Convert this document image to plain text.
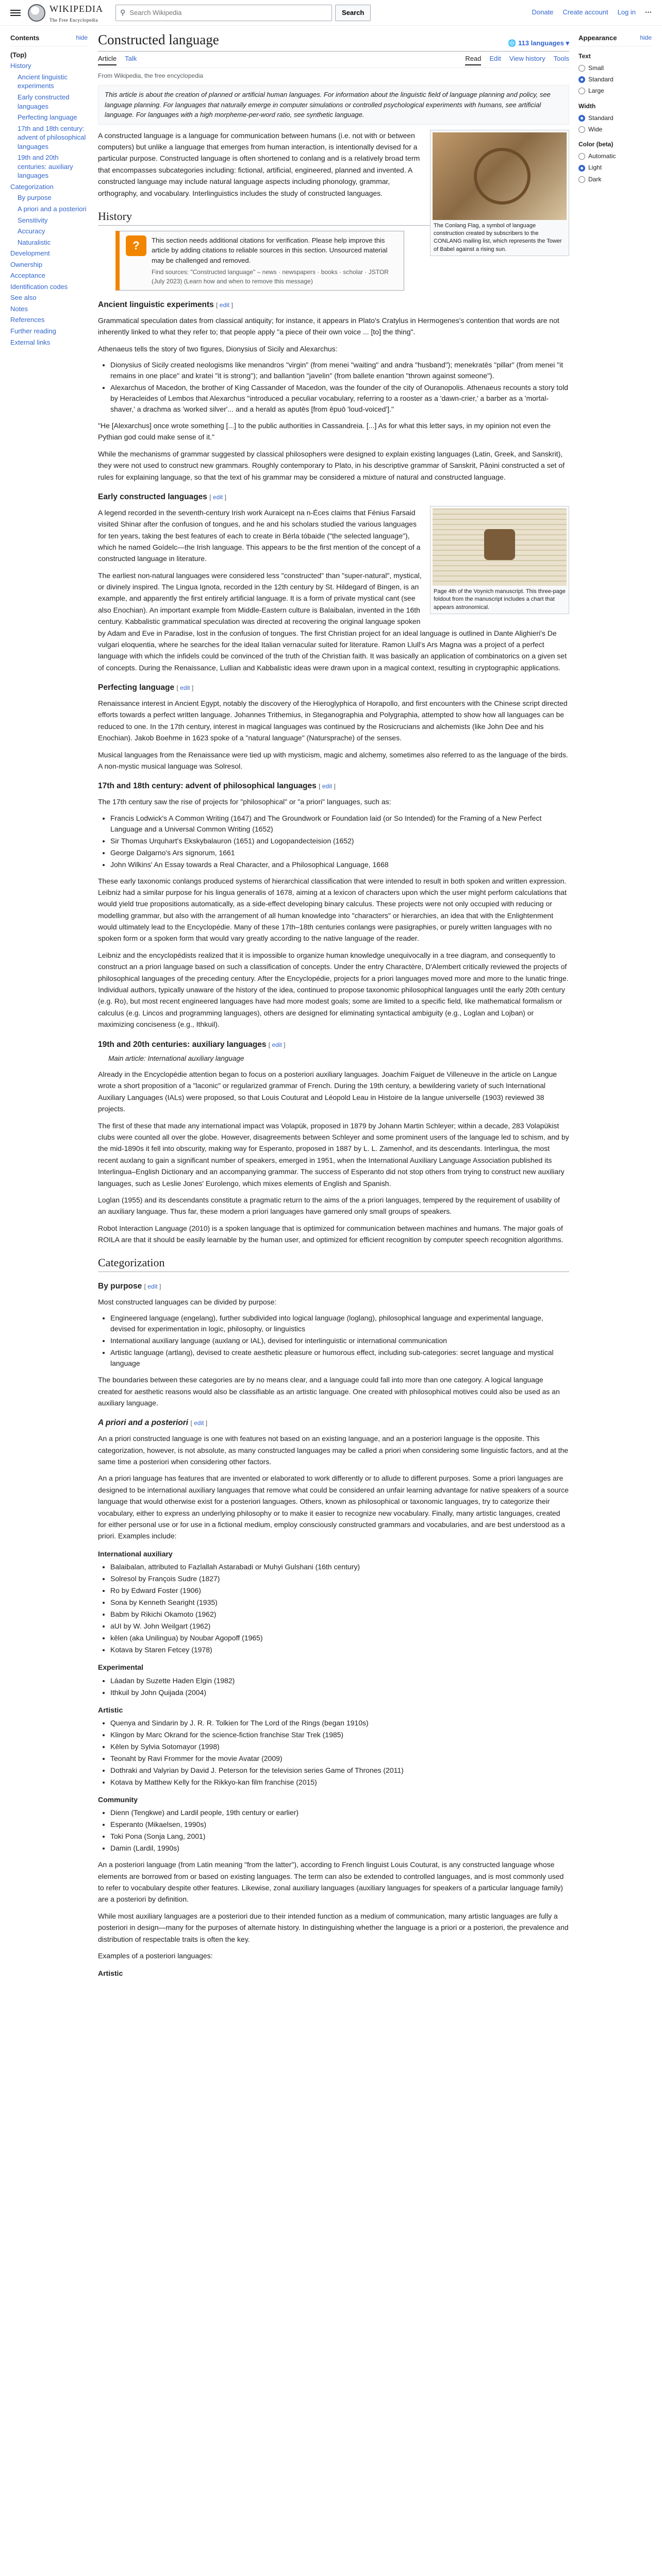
WIKIPEDIA
The Free Encyclopedia
⚲
Search Wikipedia	Search	Donate Create account Log in ⋯
Contents	hide
(Top)
History
Ancient linguistic experiments
Early constructed languages
Perfecting language
17th and 18th century: advent of philosophical languages
19th and 20th centuries: auxiliary languages
Categorization
By purpose
A priori and a posteriori
Sensitivity
Accuracy
Naturalistic
Development
Ownership
Acceptance
Identification codes
See also
Notes
References
Further reading
External links
Constructed language	🌐 113 languages ▾
Article Talk	Read Edit View history Tools
From Wikipedia, the free encyclopedia
This article is about the creation of planned or artificial human languages. For information about the linguistic field of language planning and policy, see language planning. For languages that naturally emerge in computer simulations or controlled psychological experiments with humans, see artificial language. For languages with a high morpheme-per-word ratio, see synthetic language.
The Conlang Flag, a symbol of language construction created by subscribers to the CONLANG mailing list, which represents the Tower of Babel against a rising sun.

A constructed language is a language for communication between humans (i.e. not with or between computers) but unlike a language that emerges from human interaction, is intentionally devised for a particular purpose. Constructed language is often shortened to conlang and is a relatively broad term that encompasses subcategories including: fictional, artificial, engineered, planned and invented. A constructed language may include natural language aspects including phonology, grammar, orthography, and vocabulary. Interlinguistics includes the study of constructed languages.

History
?	This section needs additional citations for verification. Please help improve this article by adding citations to reliable sources in this section. Unsourced material may be challenged and removed.
Find sources: "Constructed language" – news · newspapers · books · scholar · JSTOR (July 2023) (Learn how and when to remove this message)
Ancient linguistic experiments [ edit ]

Grammatical speculation dates from classical antiquity; for instance, it appears in Plato's Cratylus in Hermogenes's contention that words are not inherently linked to what they refer to; that people apply "a piece of their own voice ... [to] the thing".

Athenaeus tells the story of two figures, Dionysius of Sicily and Alexarchus:

• Dionysius of Sicily created neologisms like menandros "virgin" (from menei "waiting" and andra "husband"); menekratēs "pillar" (from menei "it remains in one place" and kratei "it is strong"); and ballantion "javelin" (from ballete enantion "thrown against someone").
• Alexarchus of Macedon, the brother of King Cassander of Macedon, was the founder of the city of Ouranopolis. Athenaeus recounts a story told by Heracleides of Lembos that Alexarchus "introduced a peculiar vocabulary, referring to a rooster as a 'dawn-crier,' a barber as a 'mortal-shaver,' a drachma as 'worked silver'... and a herald as aputēs [from ēpuō 'loud-voiced']."

"He [Alexarchus] once wrote something [...] to the public authorities in Cassandreia. [...] As for what this letter says, in my opinion not even the Pythian god could make sense of it."

While the mechanisms of grammar suggested by classical philosophers were designed to explain existing languages (Latin, Greek, and Sanskrit), they were not used to construct new grammars. Roughly contemporary to Plato, in his descriptive grammar of Sanskrit, Pāṇini constructed a set of rules for explaining language, so that the text of his grammar may be considered a mixture of natural and constructed language.

Early constructed languages [ edit ]
Page 4th of the Voynich manuscript. This three-page foldout from the manuscript includes a chart that appears astronomical.

A legend recorded in the seventh-century Irish work Auraicept na n-Éces claims that Fénius Farsaid visited Shinar after the confusion of tongues, and he and his scholars studied the various languages for ten years, taking the best features of each to create in Bérla tóbaide ("the selected language"), which he named Goídelc—the Irish language. This appears to be the first mention of the concept of a constructed language in literature.

The earliest non-natural languages were considered less "constructed" than "super-natural", mystical, or divinely inspired. The Lingua Ignota, recorded in the 12th century by St. Hildegard of Bingen, is an example, and apparently the first entirely artificial language. It is a form of private mystical cant (see also Enochian). An important example from Middle-Eastern culture is Balaibalan, invented in the 16th century. Kabbalistic grammatical speculation was directed at recovering the original language spoken by Adam and Eve in Paradise, lost in the confusion of tongues. The first Christian project for an ideal language is outlined in Dante Alighieri's De vulgari eloquentia, where he searches for the ideal Italian vernacular suited for literature. Ramon Llull's Ars Magna was a project of a perfect language with which the infidels could be convinced of the truth of the Christian faith. It was basically an application of combinatorics on a given set of concepts. During the Renaissance, Lullian and Kabbalistic ideas were drawn upon in a magical context, resulting in cryptographic applications.

Perfecting language [ edit ]

Renaissance interest in Ancient Egypt, notably the discovery of the Hieroglyphica of Horapollo, and first encounters with the Chinese script directed efforts towards a perfect written language. Johannes Trithemius, in Steganographia and Polygraphia, attempted to show how all languages can be reduced to one. In the 17th century, interest in magical languages was continued by the Rosicrucians and alchemists (like John Dee and his Enochian). Jakob Boehme in 1623 spoke of a "natural language" (Natursprache) of the senses.

Musical languages from the Renaissance were tied up with mysticism, magic and alchemy, sometimes also referred to as the language of the birds. A non-mystic musical language was Solresol.

17th and 18th century: advent of philosophical languages [ edit ]

The 17th century saw the rise of projects for "philosophical" or "a priori" languages, such as:

• Francis Lodwick's A Common Writing (1647) and The Groundwork or Foundation laid (or So Intended) for the Framing of a New Perfect Language and a Universal Common Writing (1652)
• Sir Thomas Urquhart's Ekskybalauron (1651) and Logopandecteision (1652)
• George Dalgarno's Ars signorum, 1661
• John Wilkins' An Essay towards a Real Character, and a Philosophical Language, 1668

These early taxonomic conlangs produced systems of hierarchical classification that were intended to result in both spoken and written expression. Leibniz had a similar purpose for his lingua generalis of 1678, aiming at a lexicon of characters upon which the user might perform calculations that would yield true propositions automatically, as a side-effect developing binary calculus. These projects were not only occupied with reducing or modelling grammar, but also with the arrangement of all human knowledge into "characters" or hierarchies, an idea that with the Enlightenment would ultimately lead to the Encyclopédie. Many of these 17th–18th centuries conlangs were pasigraphies, or purely written languages with no spoken form or a spoken form that would vary greatly according to the native language of the reader.

Leibniz and the encyclopédists realized that it is impossible to organize human knowledge unequivocally in a tree diagram, and consequently to construct an a priori language based on such a classification of concepts. Under the entry Charactère, D'Alembert critically reviewed the projects of philosophical languages of the preceding century. After the Encyclopédie, projects for a priori languages moved more and more to the lunatic fringe. Individual authors, typically unaware of the history of the idea, continued to propose taxonomic philosophical languages until the early 20th century (e.g. Ro), but most recent engineered languages have had more modest goals; some are limited to a specific field, like mathematical formalism or calculus (e.g. Lincos and programming languages), others are designed for eliminating syntactical ambiguity (e.g., Loglan and Lojban) or maximizing conciseness (e.g., Ithkuil).

19th and 20th centuries: auxiliary languages [ edit ]
Main article: International auxiliary language

Already in the Encyclopédie attention began to focus on a posteriori auxiliary languages. Joachim Faiguet de Villeneuve in the article on Langue wrote a short proposition of a "laconic" or regularized grammar of French. During the 19th century, a bewildering variety of such International Auxiliary Languages (IALs) were proposed, so that Louis Couturat and Léopold Leau in Histoire de la langue universelle (1903) reviewed 38 projects.

The first of these that made any international impact was Volapük, proposed in 1879 by Johann Martin Schleyer; within a decade, 283 Volapükist clubs were counted all over the globe. However, disagreements between Schleyer and some prominent users of the language led to schism, and by the mid-1890s it fell into obscurity, making way for Esperanto, proposed in 1887 by L. L. Zamenhof, and its descendants. Interlingua, the most recent auxlang to gain a significant number of speakers, emerged in 1951, when the International Auxiliary Language Association published its Interlingua–English Dictionary and an accompanying grammar. The success of Esperanto did not stop others from trying to construct new auxiliary languages, such as Leslie Jones' Eurolengo, which mixes elements of English and Spanish.

Loglan (1955) and its descendants constitute a pragmatic return to the aims of the a priori languages, tempered by the requirement of usability of an auxiliary language. Thus far, these modern a priori languages have garnered only small groups of speakers.

Robot Interaction Language (2010) is a spoken language that is optimized for communication between machines and humans. The major goals of ROILA are that it should be easily learnable by the human user, and optimized for efficient recognition by computer speech recognition algorithms.

Categorization
By purpose [ edit ]

Most constructed languages can be divided by purpose:

• Engineered language (engelang), further subdivided into logical language (loglang), philosophical language and experimental language, devised for experimentation in logic, philosophy, or linguistics
• International auxiliary language (auxlang or IAL), devised for interlinguistic or international communication
• Artistic language (artlang), devised to create aesthetic pleasure or humorous effect, including sub-categories: secret language and mystical language

The boundaries between these categories are by no means clear, and a language could fall into more than one category. A logical language created for aesthetic reasons would also be classifiable as an artistic language. One created with philosophical motives could also be used as an auxiliary language.

A priori and a posteriori [ edit ]

An a priori constructed language is one with features not based on an existing language, and an a posteriori language is the opposite. This categorization, however, is not absolute, as many constructed languages may be called a priori when considering some linguistic factors, and at the same time a posteriori when considering other factors.

An a priori language has features that are invented or elaborated to work differently or to allude to different purposes. Some a priori languages are designed to be international auxiliary languages that remove what could be considered an unfair learning advantage for native speakers of a source language that would otherwise exist for a posteriori languages. Others, known as philosophical or taxonomic languages, try to categorize their vocabulary, either to express an underlying philosophy or to make it easier to recognize new vocabulary. Finally, many artistic languages, created for either personal use or for use in a fictional medium, employ consciously constructed grammars and vocabularies, and are best understood as a priori. Examples include:

International auxiliary
• Balaibalan, attributed to Fazlallah Astarabadi or Muhyi Gulshani (16th century)
• Solresol by François Sudre (1827)
• Ro by Edward Foster (1906)
• Sona by Kenneth Searight (1935)
• Babm by Rikichi Okamoto (1962)
• aUI by W. John Weilgart (1962)
• kēlen (aka Unilingua) by Noubar Agopoff (1965)
• Kotava by Staren Fetcey (1978)
Experimental
• Láadan by Suzette Haden Elgin (1982)
• Ithkuil by John Quijada (2004)
Artistic
• Quenya and Sindarin by J. R. R. Tolkien for The Lord of the Rings (began 1910s)
• Klingon by Marc Okrand for the science-fiction franchise Star Trek (1985)
• Kēlen by Sylvia Sotomayor (1998)
• Teonaht by Ravi Frommer for the movie Avatar (2009)
• Dothraki and Valyrian by David J. Peterson for the television series Game of Thrones (2011)
• Kotava by Matthew Kelly for the Rikkyo-kan film franchise (2015)
Community
• Dienn (Tengkwe) and Lardil people, 19th century or earlier)
• Esperanto (Mikaelsen, 1990s)
• Toki Pona (Sonja Lang, 2001)
• Damin (Lardil, 1990s)

An a posteriori language (from Latin meaning "from the latter"), according to French linguist Louis Couturat, is any constructed language whose elements are borrowed from or based on existing languages. The term can also be extended to controlled languages, and is most commonly used to refer to vocabulary despite other features. Likewise, zonal auxiliary languages (auxiliary languages for speakers of a particular language family) are a posteriori by definition.

While most auxiliary languages are a posteriori due to their intended function as a medium of communication, many artistic languages are fully a posteriori in design—many for the purposes of alternate history. In distinguishing whether the language is a priori or a posteriori, the prevalence and distribution of respectable traits is often the key.

Examples of a posteriori languages:

Artistic
Appearance	hide
Text
Small
Standard
Large
Width
Standard
Wide
Color (beta)
Automatic
Light
Dark
